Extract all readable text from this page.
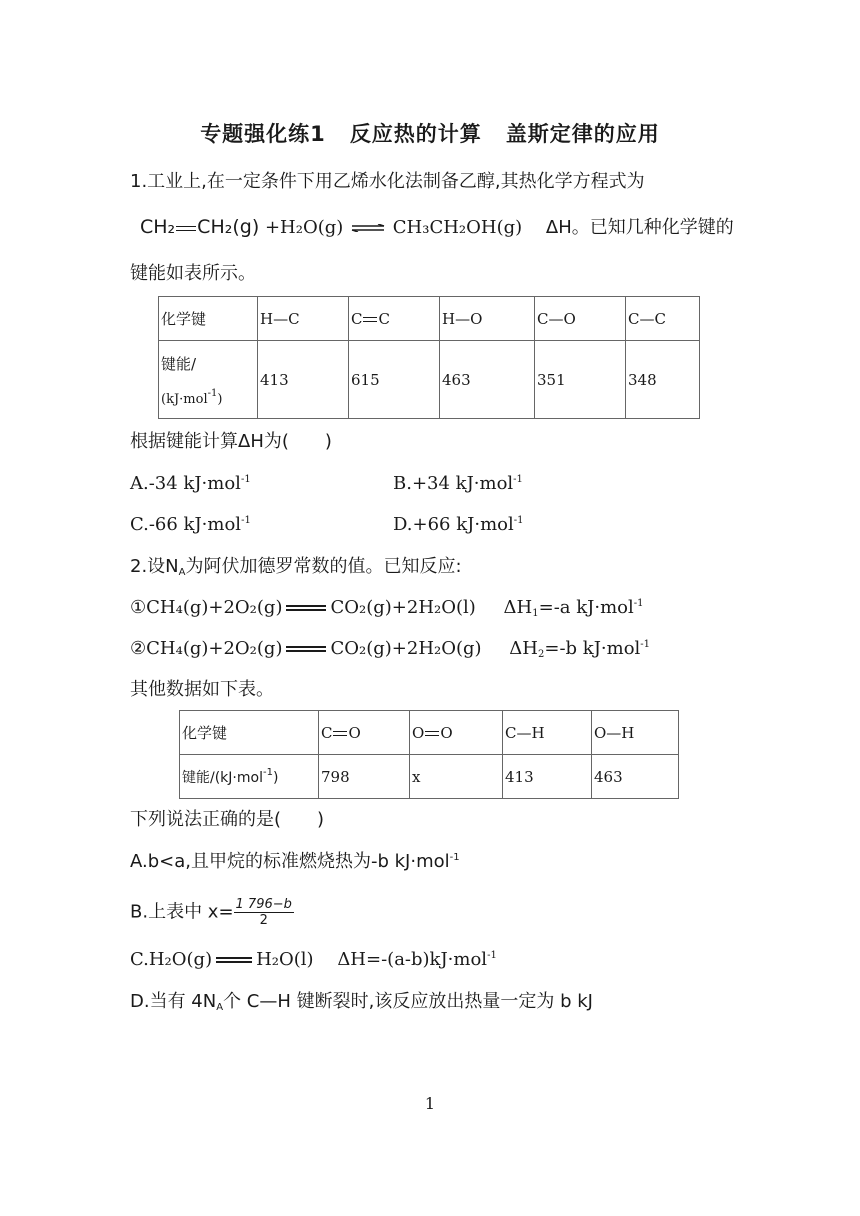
专题强化练1 反应热的计算 盖斯定律的应用
1.工业上,在一定条件下用乙烯水化法制备乙醇,其热化学方程式为
CH₂ CH₂(g) +H₂O(g) ⇌ CH₃CH₂OH(g) ΔH。已知几种化学键的
键能如表所示。
化学键	H—C	C C	H—O	C—O	C—C

键能/
(kJ·mol$^{-1}$)	413	615	463	351	348
根据键能计算ΔH为(　　)
A.-34 kJ·mol$^{-1}$	B.+34 kJ·mol$^{-1}$
C.-66 kJ·mol$^{-1}$	D.+66 kJ·mol$^{-1}$
2.设$N_A$为阿伏加德罗常数的值。已知反应:
①CH₄(g)+2O₂(g)	CO₂(g)+2H₂O(l) $\Delta H_1=-a$ kJ·mol$^{-1}$
②CH₄(g)+2O₂(g)	CO₂(g)+2H₂O(g) $\Delta H_2=-b$ kJ·mol$^{-1}$
其他数据如下表。
化学键	C O	O O	C—H	O—H
键能/(kJ·mol$^{-1}$)	798	x	413	463
下列说法正确的是(　　)
A.b<a,且甲烷的标准燃烧热为-b kJ·mol$^{-1}$
B.上表中 $x= \frac{1 796-b}{2}$
C.H₂O(g) H₂O(l) ΔH=-(a-b)kJ·mol$^{-1}$
D.当有 $4N_A$个 C—H 键断裂时,该反应放出热量一定为 b kJ
1
